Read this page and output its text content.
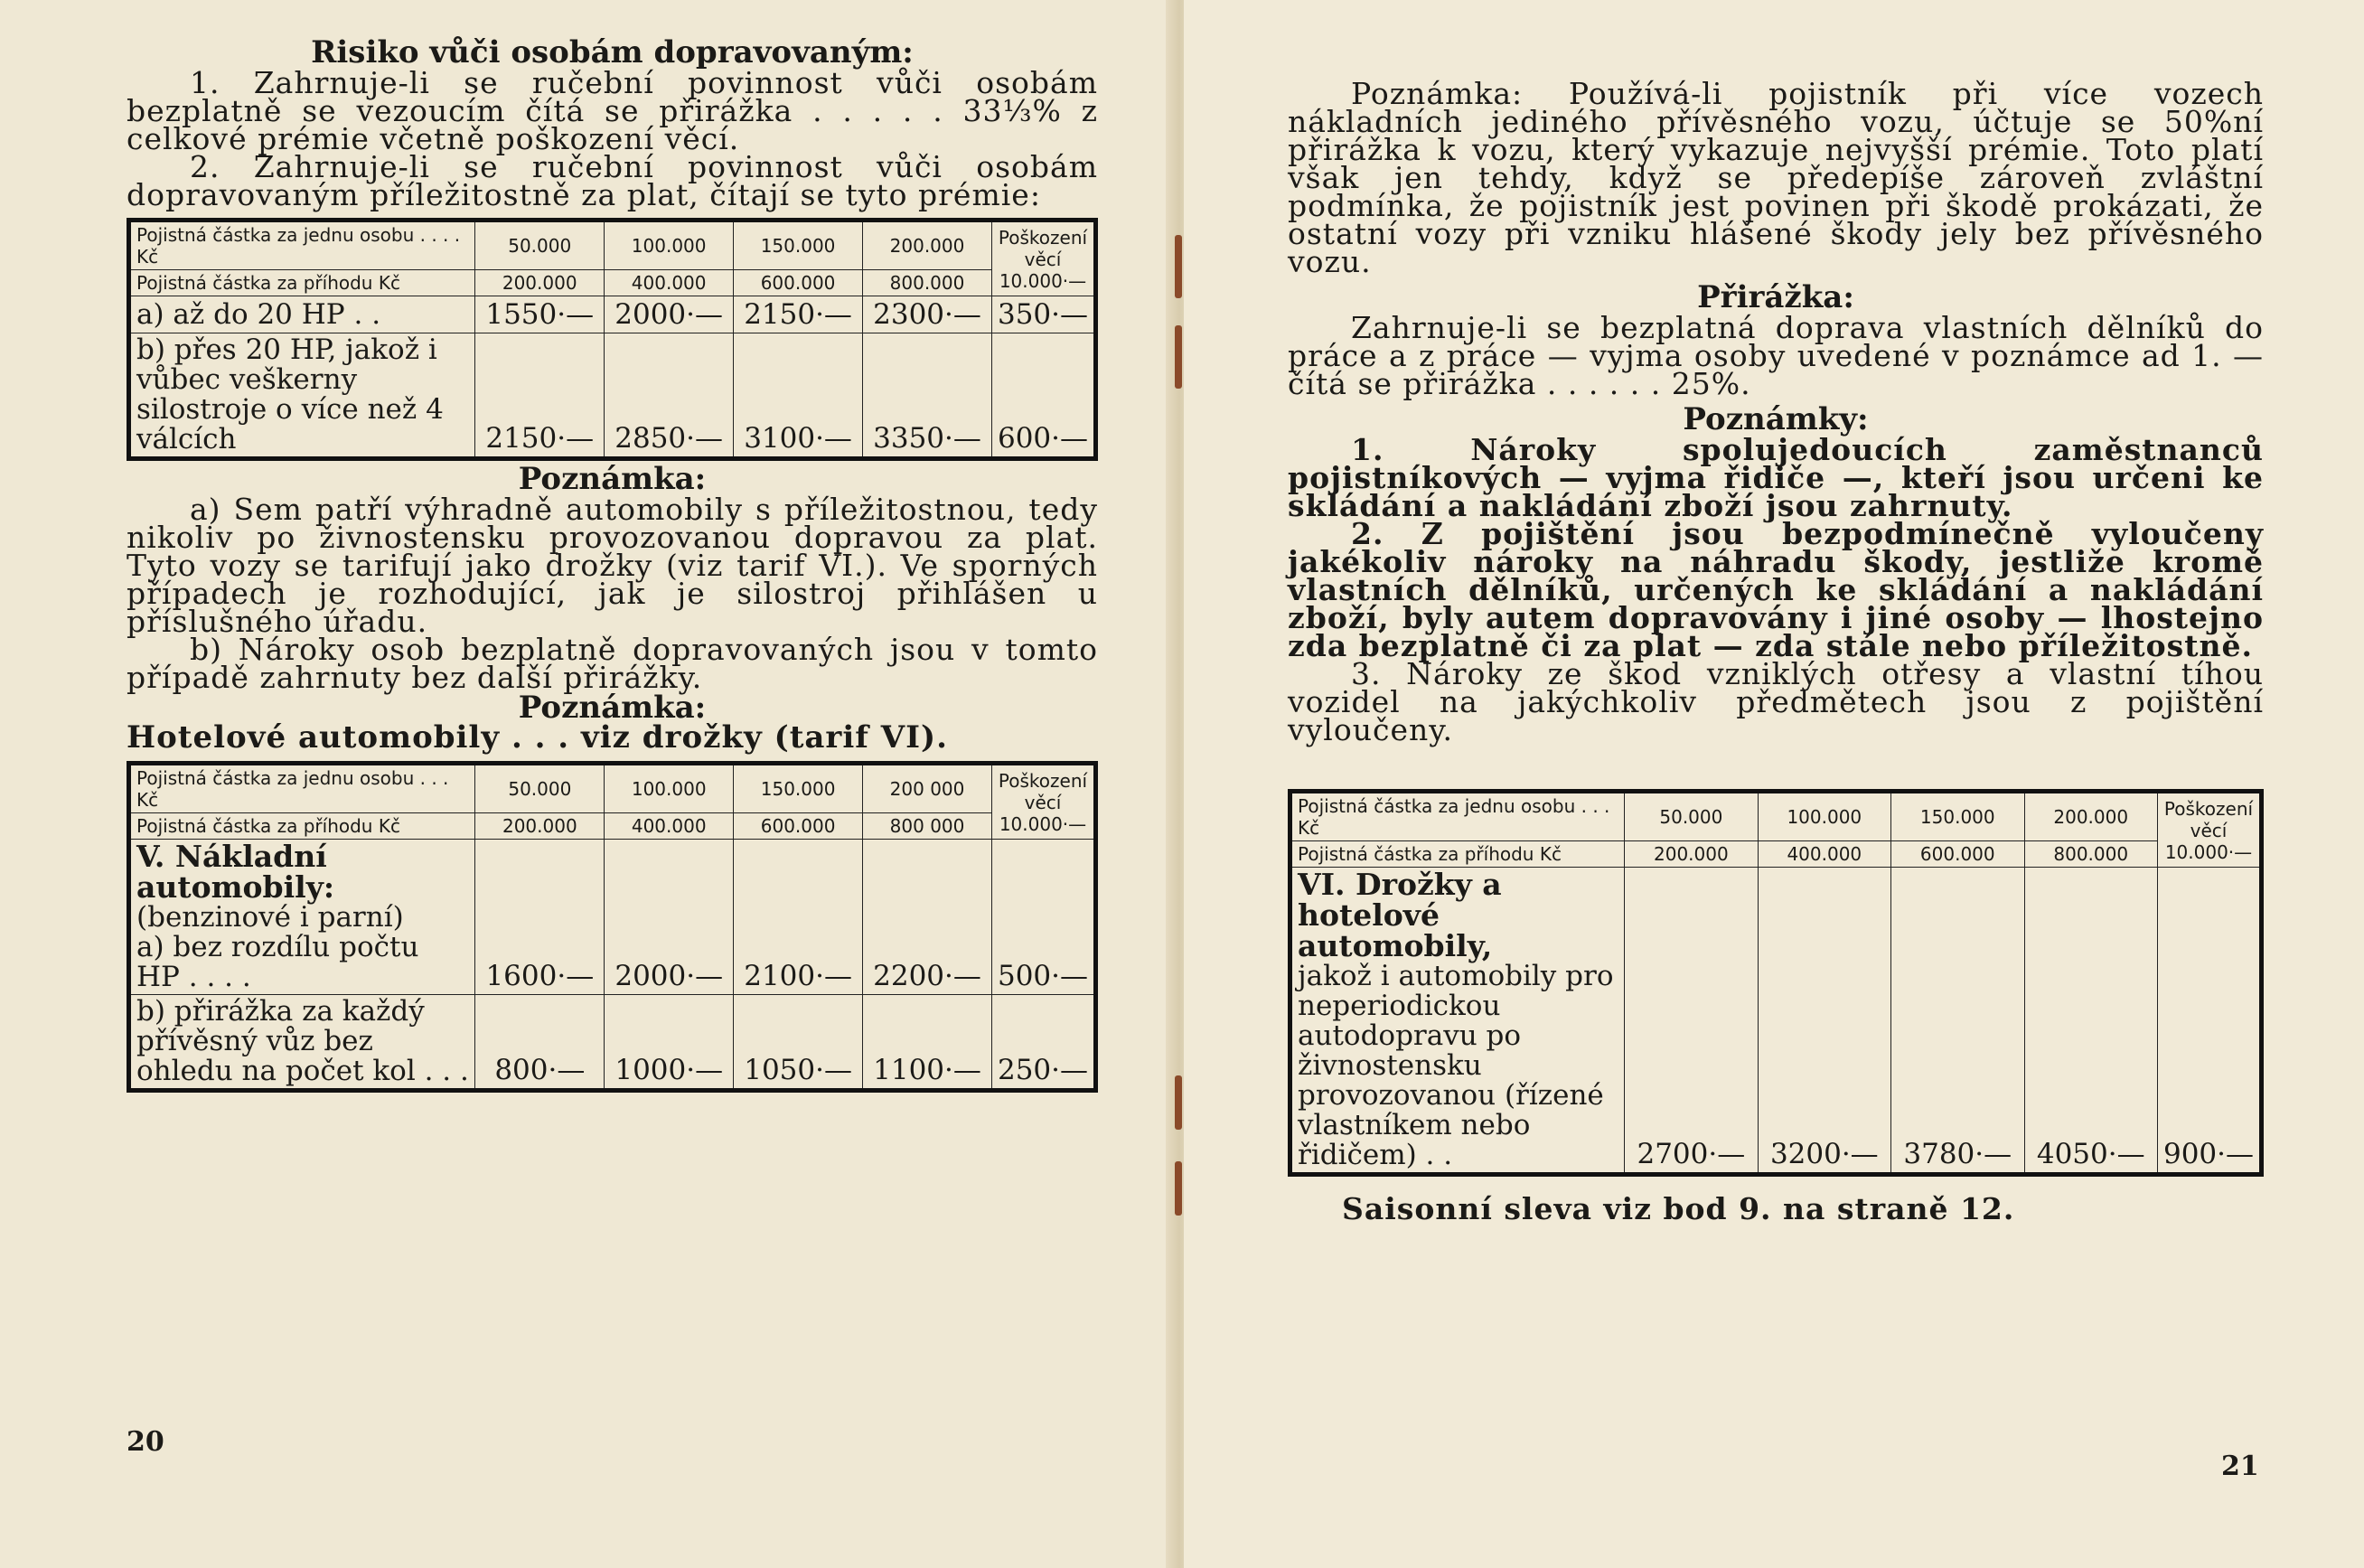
Risiko vůči osobám dopravovaným:

1. Zahrnuje-li se ručební povinnost vůči osobám bezplatně se vezoucím čítá se přirážka . . . . . 33⅓% z celkové prémie včetně poškození věcí.

2. Zahrnuje-li se ručební povinnost vůči osobám dopravovaným příležitostně za plat, čítají se tyto prémie:

Pojistná částka za jednu osobu . . . . Kč	50.000	100.000	150.000	200.000	Poškození věcí
10.000·—

Pojistná částka za příhodu Kč	200.000	400.000	600.000	800.000	
a) až do 20 HP . .	1550·—	2000·—	2150·—	2300·—	350·—
b) přes 20 HP, jakož i vůbec veškerny silostroje o více než 4 válcích	2150·—	2850·—	3100·—	3350·—	600·—
Poznámka:

a) Sem patří výhradně automobily s příležitostnou, tedy nikoliv po živnostensku provozovanou dopravou za plat. Tyto vozy se tarifují jako drožky (viz tarif VI.). Ve sporných případech je rozhodující, jak je silostroj přihlášen u příslušného úřadu.

b) Nároky osob bezplatně dopravovaných jsou v tomto případě zahrnuty bez další přirážky.

Poznámka:

Hotelové automobily . . . viz drožky (tarif VI).

Pojistná částka za jednu osobu . . . Kč	50.000	100.000	150.000	200 000	Poškození věcí
10.000·—

Pojistná částka za příhodu Kč	200.000	400.000	600.000	800 000	

V. Nákladní automobily:
(benzinové i parní)
a) bez rozdílu počtu HP . . . .	1600·—	2000·—	2100·—	2200·—	500·—
b) přirážka za každý přívěsný vůz bez ohledu na počet kol . . .	800·—	1000·—	1050·—	1100·—	250·—
20

Poznámka: Používá-li pojistník při více vozech nákladních jediného přívěsného vozu, účtuje se 50%ní přirážka k vozu, který vykazuje nejvyšší prémie. Toto platí však jen tehdy, když se předepíše zároveň zvláštní podmínka, že pojistník jest povinen při škodě prokázati, že ostatní vozy při vzniku hlášené škody jely bez přívěsného vozu.

Přirážka:

Zahrnuje-li se bezplatná doprava vlastních dělníků do práce a z práce — vyjma osoby uvedené v poznámce ad 1. — čítá se přirážka . . . . . . 25%.

Poznámky:

1. Nároky spolujedoucích zaměstnanců pojistníkových — vyjma řidiče —, kteří jsou určeni ke skládání a nakládání zboží jsou zahrnuty.

2. Z pojištění jsou bezpodmínečně vyloučeny jakékoliv nároky na náhradu škody, jestliže kromě vlastních dělníků, určených ke skládání a nakládání zboží, byly autem dopravovány i jiné osoby — lhostejno zda bezplatně či za plat — zda stále nebo příležitostně.

3. Nároky ze škod vzniklých otřesy a vlastní tíhou vozidel na jakýchkoliv předmětech jsou z pojištění vyloučeny.

Pojistná částka za jednu osobu . . . Kč	50.000	100.000	150.000	200.000	Poškození věcí
10.000·—

Pojistná částka za příhodu Kč	200.000	400.000	600.000	800.000	

VI. Drožky a hotelové automobily,
jakož i automobily pro neperiodickou autodopravu po živnostensku provozovanou (řízené vlastníkem nebo řidičem) . .	2700·—	3200·—	3780·—	4050·—	900·—

Saisonní sleva viz bod 9. na straně 12.

21
